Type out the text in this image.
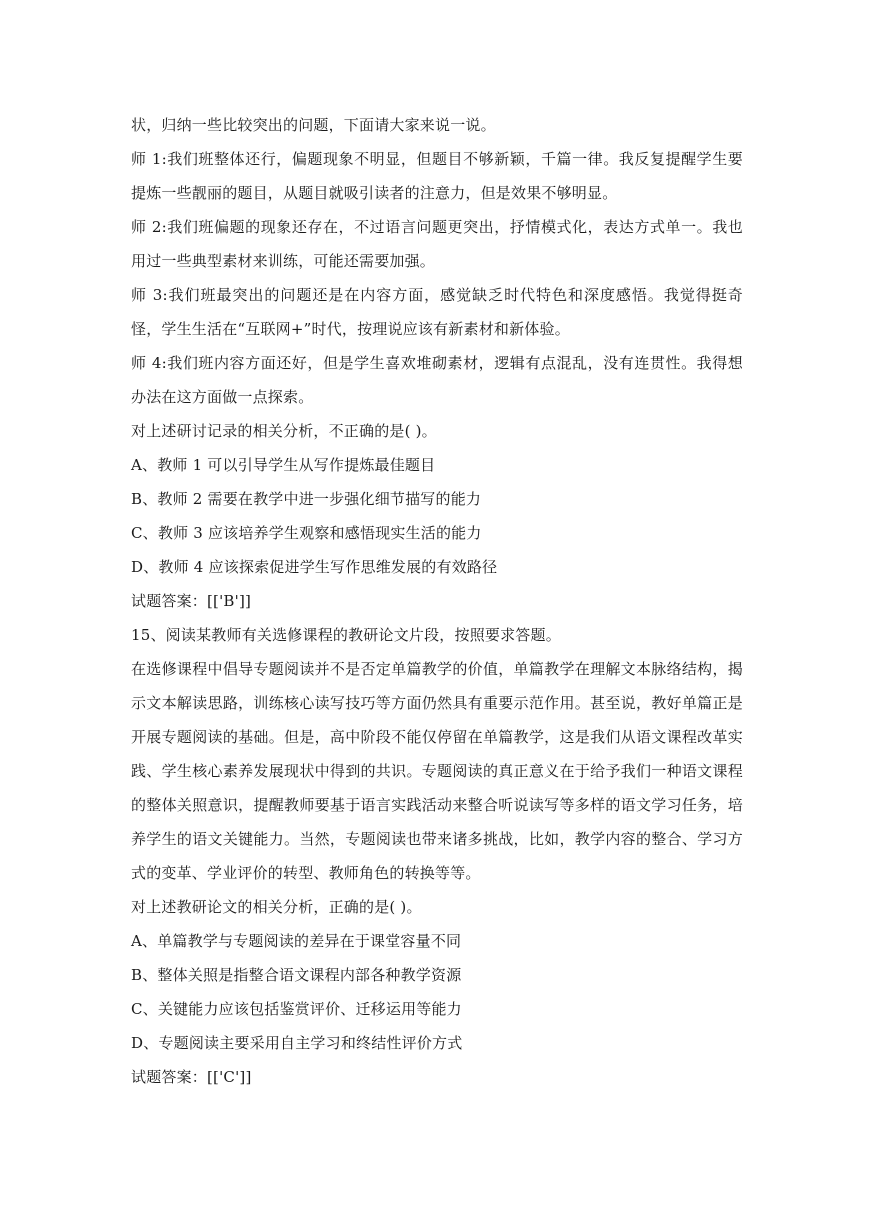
状，归纳一些比较突出的问题，下面请大家来说一说。

师 1:我们班整体还行，偏题现象不明显，但题目不够新颖，千篇一律。我反复提醒学生要提炼一些靓丽的题目，从题目就吸引读者的注意力，但是效果不够明显。

师 2:我们班偏题的现象还存在，不过语言问题更突出，抒情模式化，表达方式单一。我也用过一些典型素材来训练，可能还需要加强。

师 3:我们班最突出的问题还是在内容方面，感觉缺乏时代特色和深度感悟。我觉得挺奇 怪，学生生活在“互联网+”时代，按理说应该有新素材和新体验。

师 4:我们班内容方面还好，但是学生喜欢堆砌素材，逻辑有点混乱，没有连贯性。我得想 办法在这方面做一点探索。

对上述研讨记录的相关分析，不正确的是( )。

A、教师 1 可以引导学生从写作提炼最佳题目

B、教师 2 需要在教学中进一步强化细节描写的能力

C、教师 3 应该培养学生观察和感悟现实生活的能力

D、教师 4 应该探索促进学生写作思维发展的有效路径

试题答案：[['B']]

15、阅读某教师有关选修课程的教研论文片段，按照要求答题。

在选修课程中倡导专题阅读并不是否定单篇教学的价值，单篇教学在理解文本脉络结构，揭示文本解读思路，训练核心读写技巧等方面仍然具有重要示范作用。甚至说，教好单篇正是开展专题阅读的基础。但是，高中阶段不能仅停留在单篇教学，这是我们从语文课程改革实践、学生核心素养发展现状中得到的共识。专题阅读的真正意义在于给予我们一种语文课程的整体关照意识，提醒教师要基于语言实践活动来整合听说读写等多样的语文学习任务，培养学生的语文关键能力。当然，专题阅读也带来诸多挑战，比如，教学内容的整合、学习方式的变革、学业评价的转型、教师角色的转换等等。

对上述教研论文的相关分析，正确的是( )。

A、单篇教学与专题阅读的差异在于课堂容量不同

B、整体关照是指整合语文课程内部各种教学资源

C、关键能力应该包括鉴赏评价、迁移运用等能力

D、专题阅读主要采用自主学习和终结性评价方式

试题答案：[['C']]
